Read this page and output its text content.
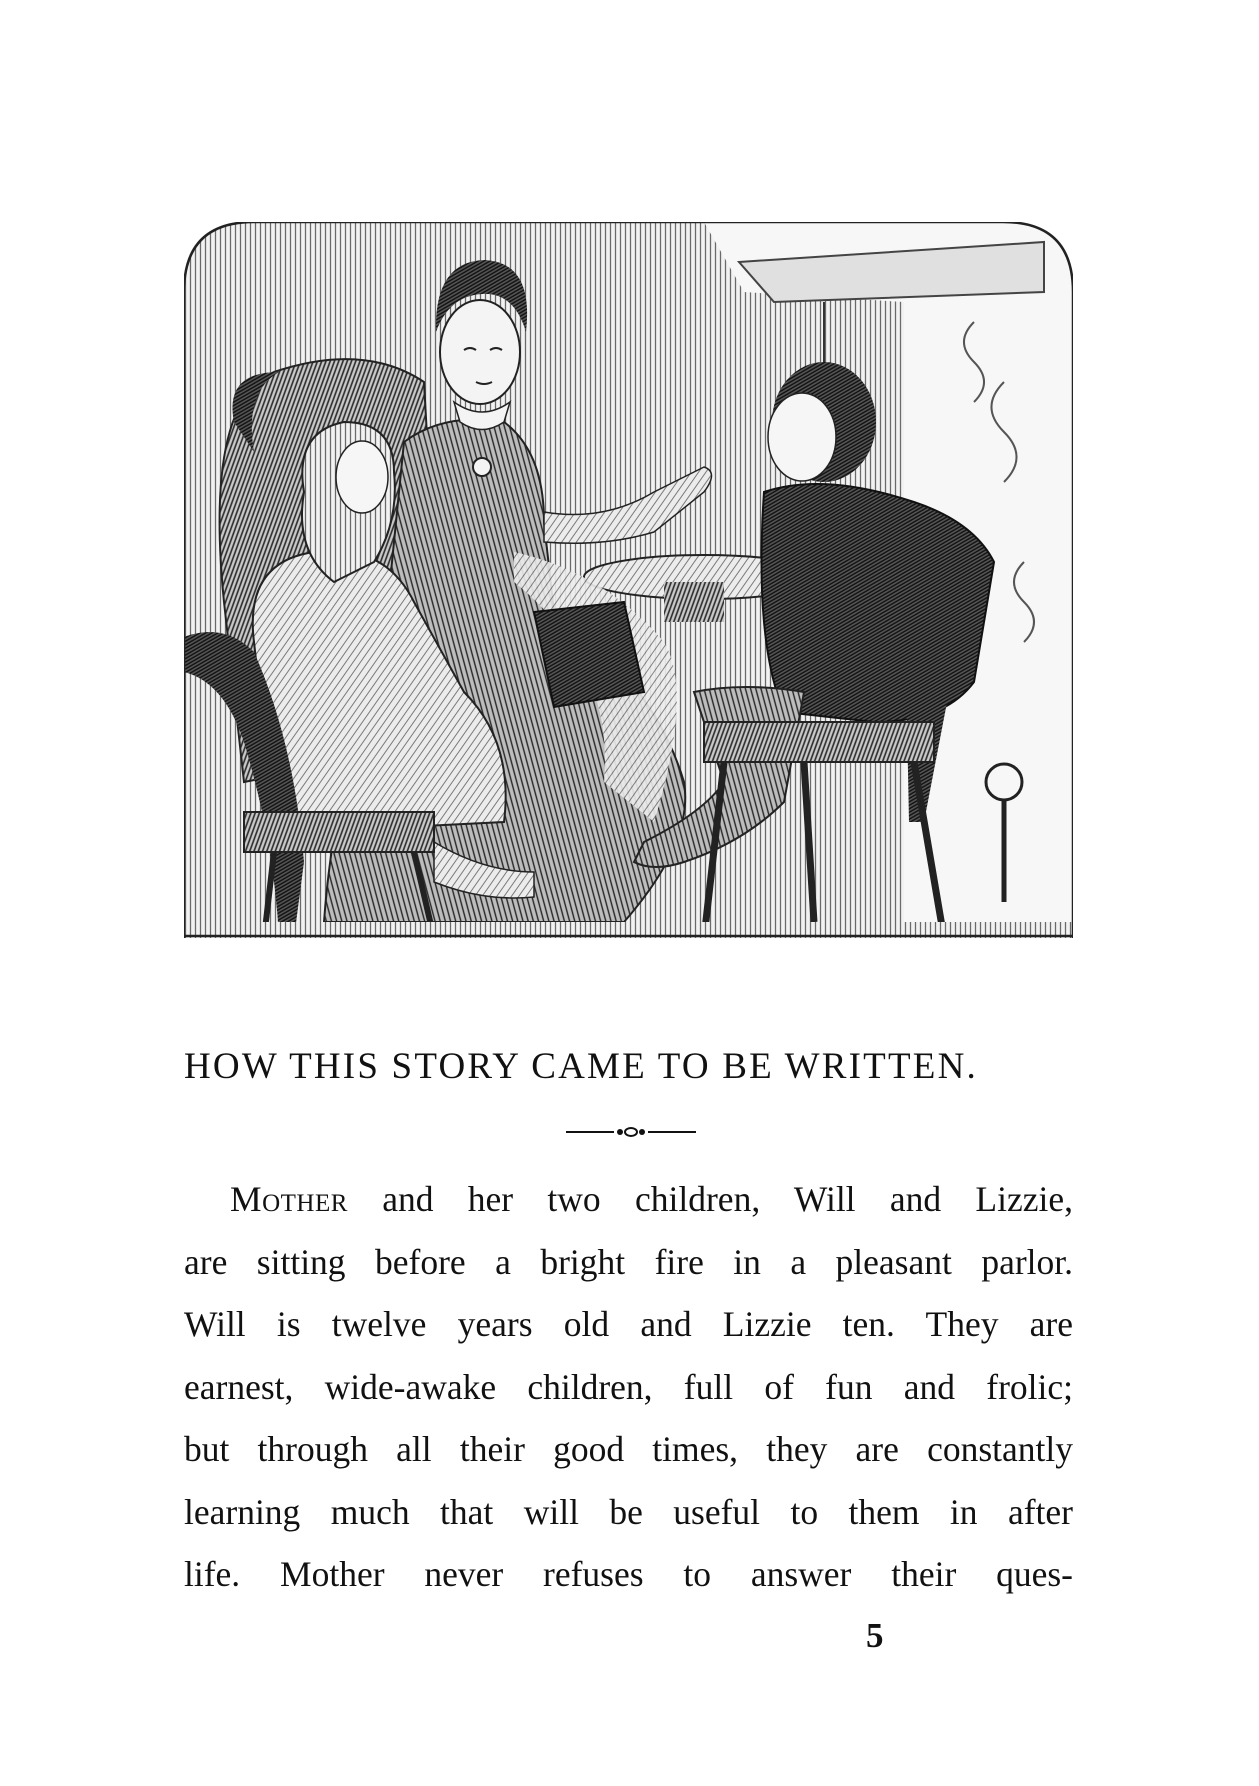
HOW THIS STORY CAME TO BE WRITTEN.
Mother and her two children, Will and Lizzie,
are sitting before a bright fire in a pleasant parlor.
Will is twelve years old and Lizzie ten. They are
earnest, wide-awake children, full of fun and frolic;
but through all their good times, they are constantly
learning much that will be useful to them in after
life. Mother never refuses to answer their ques-
5
